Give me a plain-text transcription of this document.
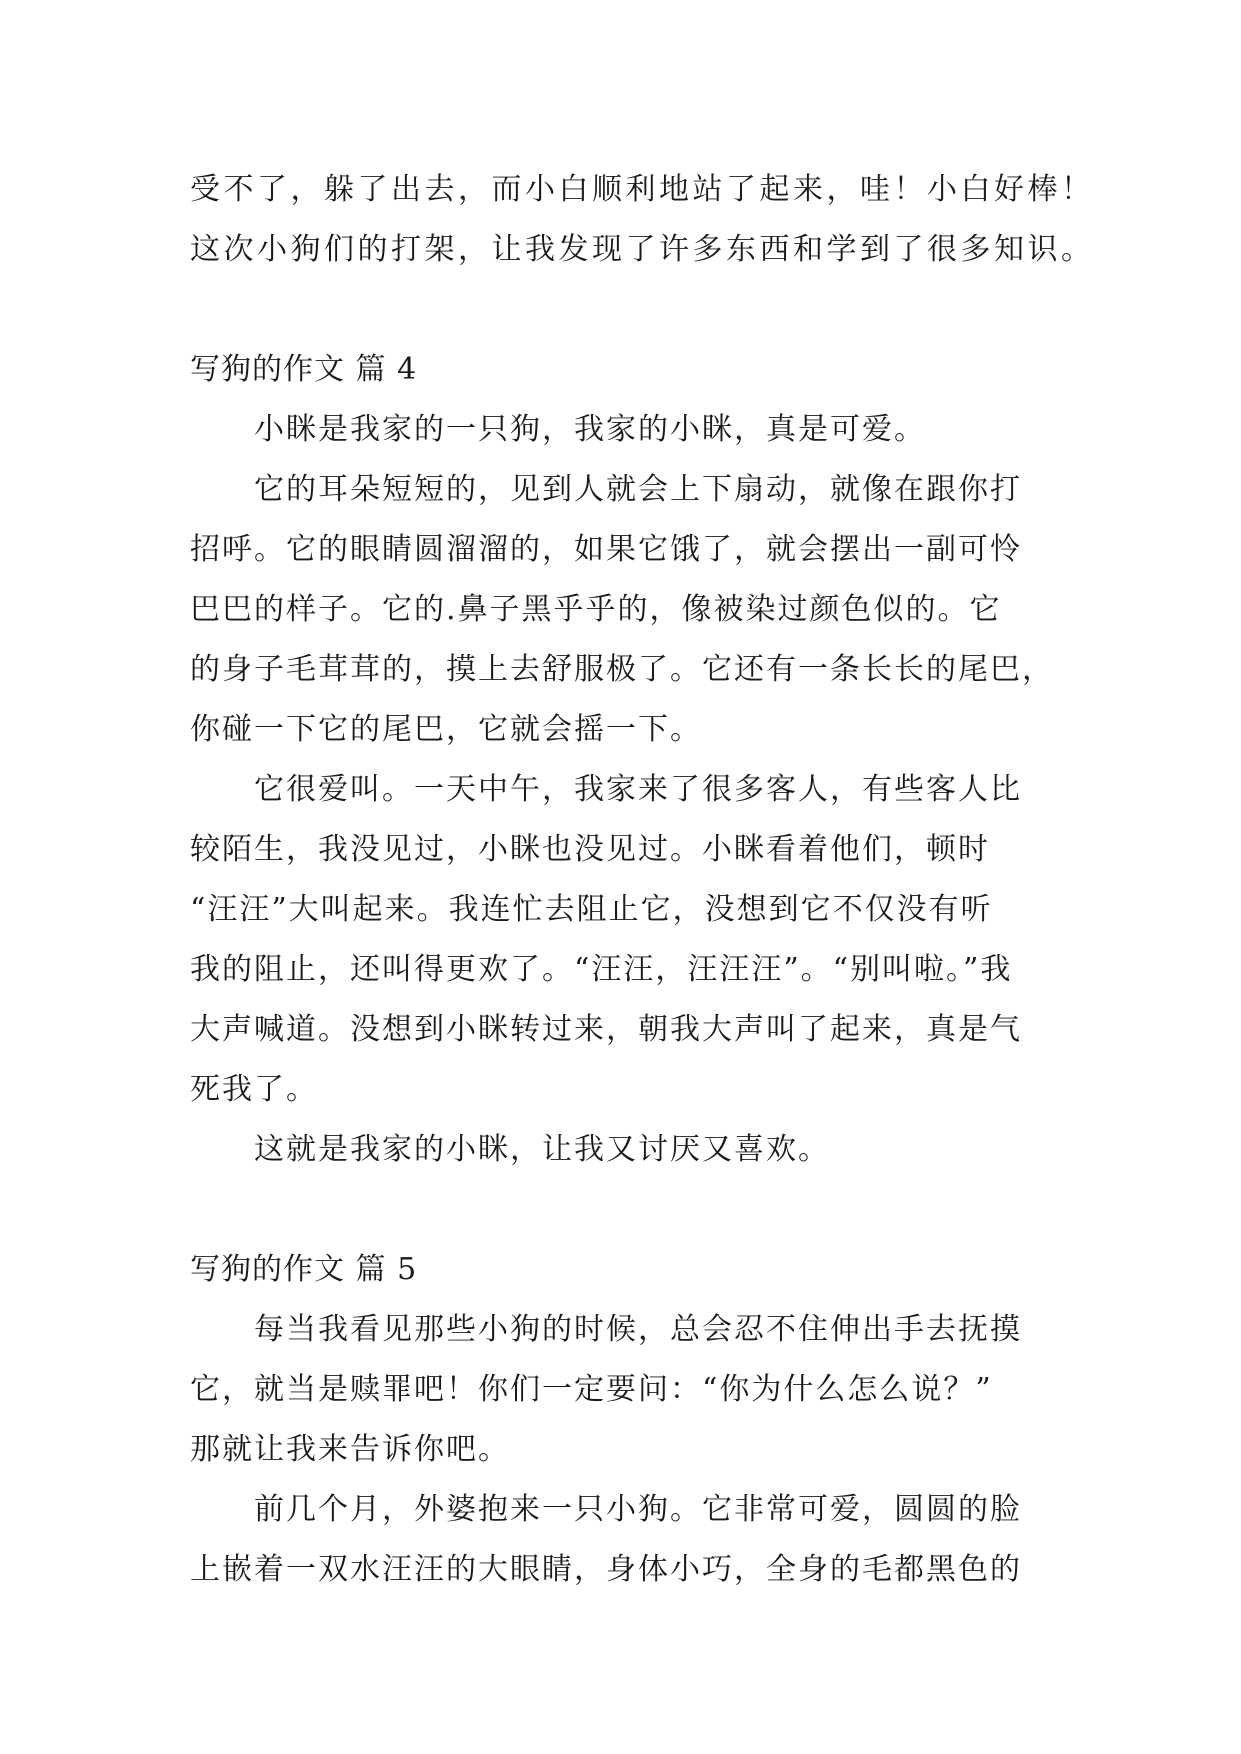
受不了，躲了出去，而小白顺利地站了起来，哇！小白好棒！
这次小狗们的打架，让我发现了许多东西和学到了很多知识。
写狗的作文 篇 4
小眯是我家的一只狗，我家的小眯，真是可爱。
它的耳朵短短的，见到人就会上下扇动，就像在跟你打
招呼。它的眼睛圆溜溜的，如果它饿了，就会摆出一副可怜
巴巴的样子。它的.鼻子黑乎乎的，像被染过颜色似的。它
的身子毛茸茸的，摸上去舒服极了。它还有一条长长的尾巴，
你碰一下它的尾巴，它就会摇一下。
它很爱叫。一天中午，我家来了很多客人，有些客人比
较陌生，我没见过，小眯也没见过。小眯看着他们，顿时
“汪汪”大叫起来。我连忙去阻止它，没想到它不仅没有听
我的阻止，还叫得更欢了。“汪汪，汪汪汪”。“别叫啦。”我
大声喊道。没想到小眯转过来，朝我大声叫了起来，真是气
死我了。
这就是我家的小眯，让我又讨厌又喜欢。
写狗的作文 篇 5
每当我看见那些小狗的时候，总会忍不住伸出手去抚摸
它，就当是赎罪吧！你们一定要问：“你为什么怎么说？”
那就让我来告诉你吧。
前几个月，外婆抱来一只小狗。它非常可爱，圆圆的脸
上嵌着一双水汪汪的大眼睛，身体小巧，全身的毛都黑色的
